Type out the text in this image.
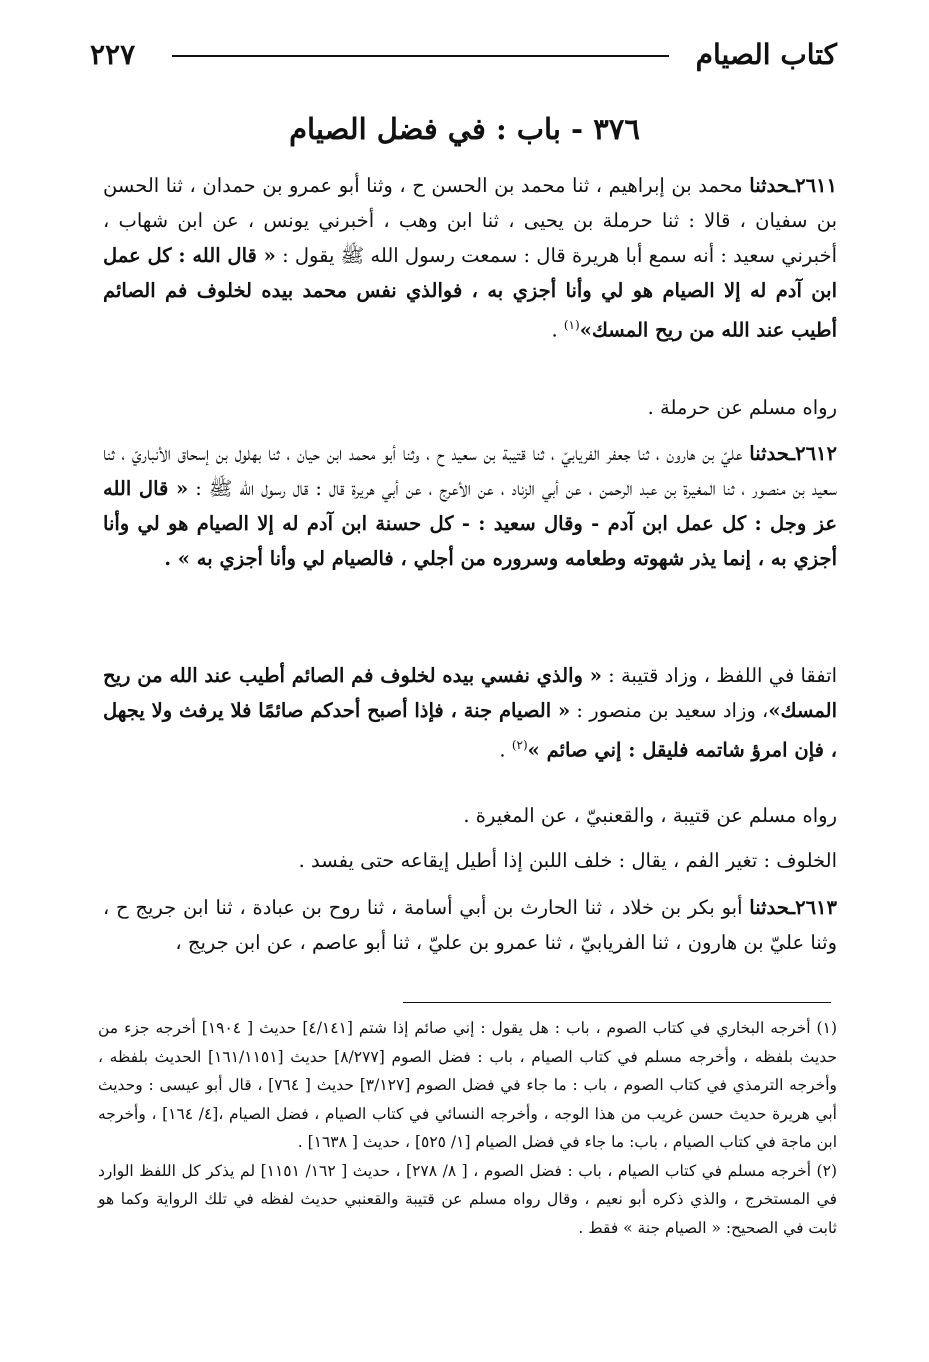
٢٢٧	كتاب الصيام
٣٧٦ - باب : في فضل الصيام

٢٦١١ـحدثنا محمد بن إبراهيم ، ثنا محمد بن الحسن ح ، وثنا أبو عمرو بن حمدان ، ثنا الحسن بن سفيان ، قالا : ثنا حرملة بن يحيى ، ثنا ابن وهب ، أخبرني يونس ، عن ابن شهاب ، أخبرني سعيد : أنه سمع أبا هريرة قال : سمعت رسول الله ﷺ يقول : « قال الله : كل عمل ابن آدم له إلا الصيام هو لي وأنا أجزي به ، فوالذي نفس محمد بيده لخلوف فم الصائم أطيب عند الله من ريح المسك»$^{(١)}$ .

رواه مسلم عن حرملة .

٢٦١٢ـحدثنا عليّ بن هارون ، ثنا جعفر الفريابيّ ، ثنا قتيبة بن سعيد ح ، وثنا أبو محمد ابن حيان ، ثنا بهلول بن إسحاق الأنباريّ ، ثنا سعيد بن منصور ، ثنا المغيرة بن عبد الرحمن ، عن أبي الزناد ، عن الأعرج ، عن أبي هريرة قال : قال رسول الله ﷺ : « قال الله عز وجل : كل عمل ابن آدم - وقال سعيد : - كل حسنة ابن آدم له إلا الصيام هو لي وأنا أجزي به ، إنما يذر شهوته وطعامه وسروره من أجلي ، فالصيام لي وأنا أجزي به » .

اتفقا في اللفظ ، وزاد قتيبة : « والذي نفسي بيده لخلوف فم الصائم أطيب عند الله من ريح المسك»، وزاد سعيد بن منصور : « الصيام جنة ، فإذا أصبح أحدكم صائمًا فلا يرفث ولا يجهل ، فإن امرؤ شاتمه فليقل : إني صائم »$^{(٢)}$ .

رواه مسلم عن قتيبة ، والقعنبيّ ، عن المغيرة .

الخلوف : تغير الفم ، يقال : خلف اللبن إذا أطيل إيقاعه حتى يفسد .

٢٦١٣ـحدثنا أبو بكر بن خلاد ، ثنا الحارث بن أبي أسامة ، ثنا روح بن عبادة ، ثنا ابن جريج ح ، وثنا عليّ بن هارون ، ثنا الفريابيّ ، ثنا عمرو بن عليّ ، ثنا أبو عاصم ، عن ابن جريج ،

(١) أخرجه البخاري في كتاب الصوم ، باب : هل يقول : إني صائم إذا شتم [٤/١٤١] حديث [ ١٩٠٤] أخرجه جزء من حديث بلفظه ، وأخرجه مسلم في كتاب الصيام ، باب : فضل الصوم [٨/٢٧٧] حديث [١٦١/١١٥١] الحديث بلفظه ، وأخرجه الترمذي في كتاب الصوم ، باب : ما جاء في فضل الصوم [٣/١٢٧] حديث [ ٧٦٤] ، قال أبو عيسى : وحديث أبي هريرة حديث حسن غريب من هذا الوجه ، وأخرجه النسائي في كتاب الصيام ، فضل الصيام ،[٤/ ١٦٤] ، وأخرجه ابن ماجة في كتاب الصيام ، باب: ما جاء في فضل الصيام [١/ ٥٢٥] ، حديث [ ١٦٣٨] .

(٢) أخرجه مسلم في كتاب الصيام ، باب : فضل الصوم ، [ ٨/ ٢٧٨] ، حديث [ ١٦٢/ ١١٥١] لم يذكر كل اللفظ الوارد في المستخرج ، والذي ذكره أبو نعيم ، وقال رواه مسلم عن قتيبة والقعنبي حديث لفظه في تلك الرواية وكما هو ثابت في الصحيح: « الصيام جنة » فقط .
